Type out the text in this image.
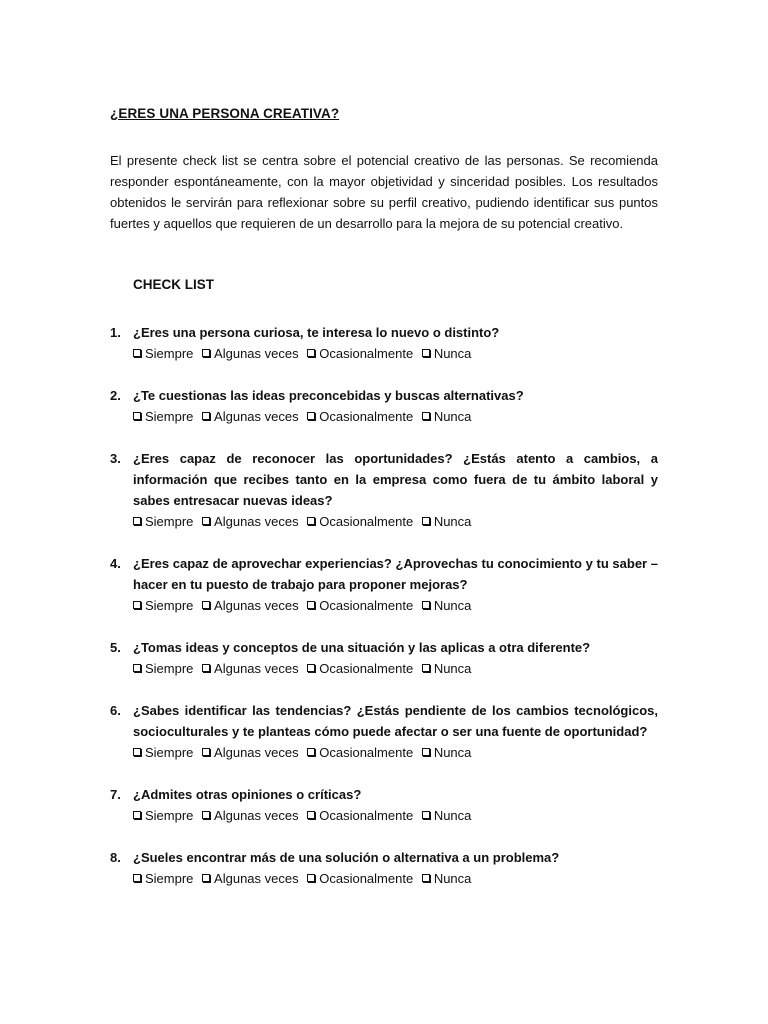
¿ERES UNA PERSONA CREATIVA?
El presente check list se centra sobre el potencial creativo de las personas. Se recomienda responder espontáneamente, con la mayor objetividad y sinceridad posibles. Los resultados obtenidos le servirán para reflexionar sobre su perfil creativo, pudiendo identificar sus puntos fuertes y aquellos que requieren de un desarrollo para la mejora de su potencial creativo.
CHECK LIST
1. ¿Eres una persona curiosa, te interesa lo nuevo o distinto?
Siempre Algunas veces Ocasionalmente Nunca
2. ¿Te cuestionas las ideas preconcebidas y buscas alternativas?
Siempre Algunas veces Ocasionalmente Nunca
3. ¿Eres capaz de reconocer las oportunidades? ¿Estás atento a cambios, a información que recibes tanto en la empresa como fuera de tu ámbito laboral y sabes entresacar nuevas ideas?
Siempre Algunas veces Ocasionalmente Nunca
4. ¿Eres capaz de aprovechar experiencias? ¿Aprovechas tu conocimiento y tu saber – hacer en tu puesto de trabajo para proponer mejoras?
Siempre Algunas veces Ocasionalmente Nunca
5. ¿Tomas ideas y conceptos de una situación y las aplicas a otra diferente?
Siempre Algunas veces Ocasionalmente Nunca
6. ¿Sabes identificar las tendencias? ¿Estás pendiente de los cambios tecnológicos, socioculturales y te planteas cómo puede afectar o ser una fuente de oportunidad?
Siempre Algunas veces Ocasionalmente Nunca
7. ¿Admites otras opiniones o críticas?
Siempre Algunas veces Ocasionalmente Nunca
8. ¿Sueles encontrar más de una solución o alternativa a un problema?
Siempre Algunas veces Ocasionalmente Nunca
